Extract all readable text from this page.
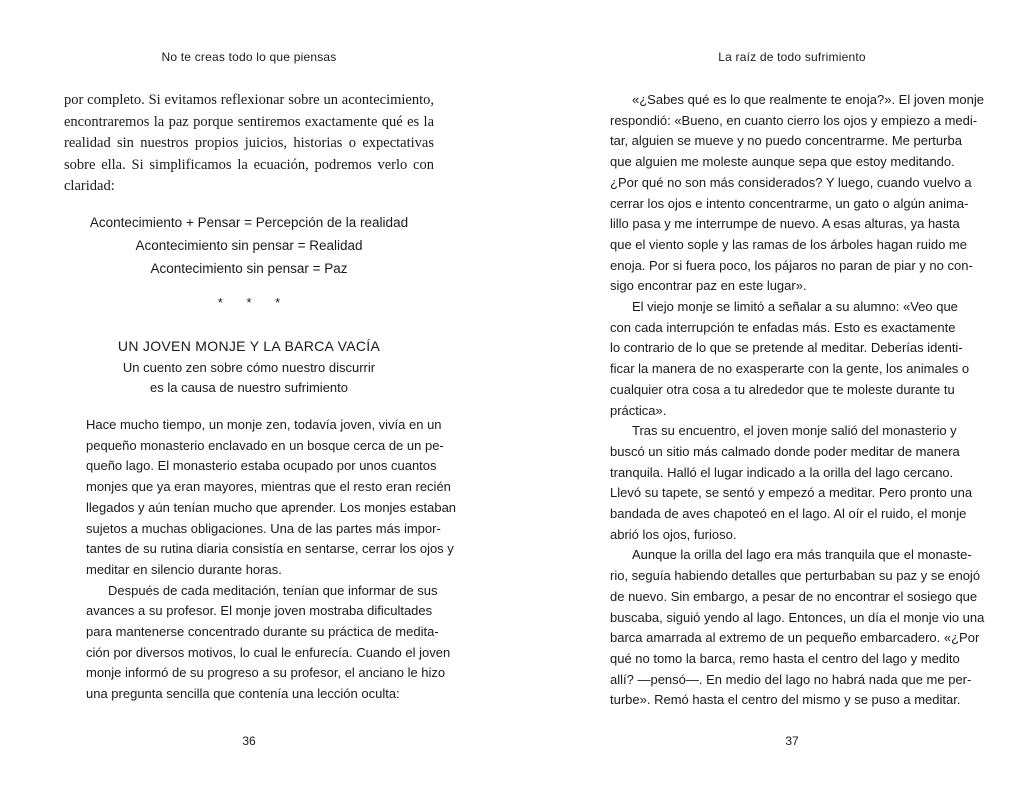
No te creas todo lo que piensas
por completo. Si evitamos reflexionar sobre un acontecimiento,
encontraremos la paz porque sentiremos exactamente qué es la
realidad sin nuestros propios juicios, historias o expectativas
sobre ella. Si simplificamos la ecuación, podremos verlo con
claridad:
Acontecimiento + Pensar = Percepción de la realidad
Acontecimiento sin pensar = Realidad
Acontecimiento sin pensar = Paz
* * *
UN JOVEN MONJE Y LA BARCA VACÍA
Un cuento zen sobre cómo nuestro discurrir
es la causa de nuestro sufrimiento
Hace mucho tiempo, un monje zen, todavía joven, vivía en un
pequeño monasterio enclavado en un bosque cerca de un pe-
queño lago. El monasterio estaba ocupado por unos cuantos
monjes que ya eran mayores, mientras que el resto eran recién
llegados y aún tenían mucho que aprender. Los monjes estaban
sujetos a muchas obligaciones. Una de las partes más impor-
tantes de su rutina diaria consistía en sentarse, cerrar los ojos y
meditar en silencio durante horas.
Después de cada meditación, tenían que informar de sus
avances a su profesor. El monje joven mostraba dificultades
para mantenerse concentrado durante su práctica de medita-
ción por diversos motivos, lo cual le enfurecía. Cuando el joven
monje informó de su progreso a su profesor, el anciano le hizo
una pregunta sencilla que contenía una lección oculta:
36
La raíz de todo sufrimiento
37
«¿Sabes qué es lo que realmente te enoja?». El joven monje
respondió: «Bueno, en cuanto cierro los ojos y empiezo a medi-
tar, alguien se mueve y no puedo concentrarme. Me perturba
que alguien me moleste aunque sepa que estoy meditando.
¿Por qué no son más considerados? Y luego, cuando vuelvo a
cerrar los ojos e intento concentrarme, un gato o algún anima-
lillo pasa y me interrumpe de nuevo. A esas alturas, ya hasta
que el viento sople y las ramas de los árboles hagan ruido me
enoja. Por si fuera poco, los pájaros no paran de piar y no con-
sigo encontrar paz en este lugar».
El viejo monje se limitó a señalar a su alumno: «Veo que
con cada interrupción te enfadas más. Esto es exactamente
lo contrario de lo que se pretende al meditar. Deberías identi-
ficar la manera de no exasperarte con la gente, los animales o
cualquier otra cosa a tu alrededor que te moleste durante tu
práctica».
Tras su encuentro, el joven monje salió del monasterio y
buscó un sitio más calmado donde poder meditar de manera
tranquila. Halló el lugar indicado a la orilla del lago cercano.
Llevó su tapete, se sentó y empezó a meditar. Pero pronto una
bandada de aves chapoteó en el lago. Al oír el ruido, el monje
abrió los ojos, furioso.
Aunque la orilla del lago era más tranquila que el monaste-
rio, seguía habiendo detalles que perturbaban su paz y se enojó
de nuevo. Sin embargo, a pesar de no encontrar el sosiego que
buscaba, siguió yendo al lago. Entonces, un día el monje vio una
barca amarrada al extremo de un pequeño embarcadero. «¿Por
qué no tomo la barca, remo hasta el centro del lago y medito
allí? —pensó—. En medio del lago no habrá nada que me per-
turbe». Remó hasta el centro del mismo y se puso a meditar.
